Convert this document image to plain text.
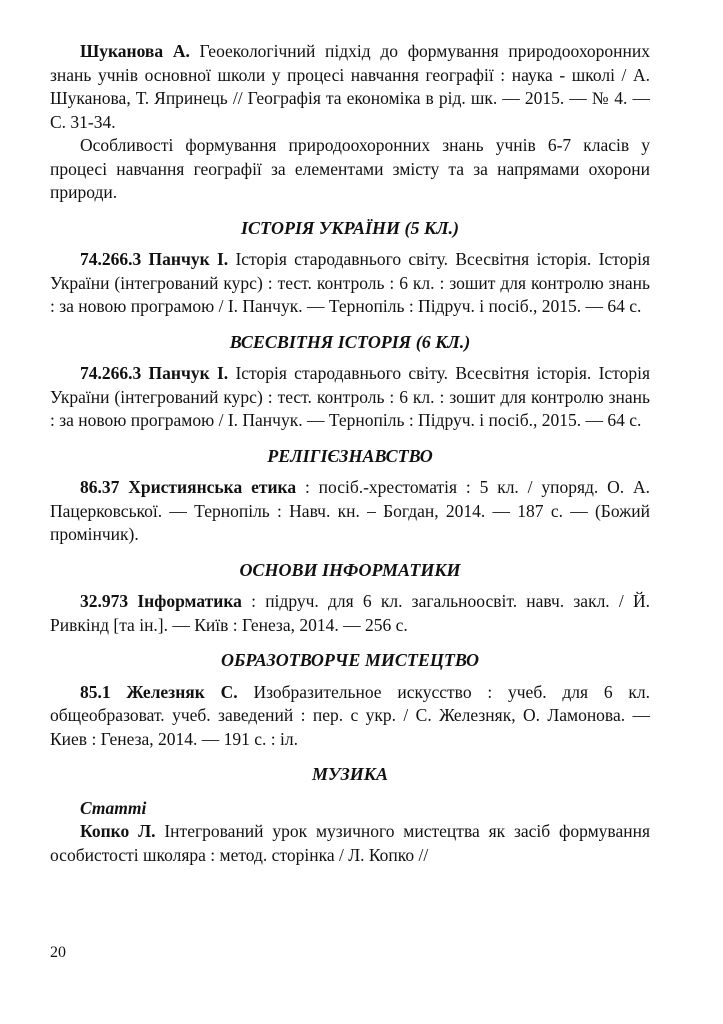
Шуканова А. Геоекологічний підхід до формування природоохоронних знань учнів основної школи у процесі навчання географії : наука - школі / А. Шуканова, Т. Япринець // Географія та економіка в рід. шк. — 2015. — № 4. — С. 31-34.

Особливості формування природоохоронних знань учнів 6-7 класів у процесі навчання географії за елементами змісту та за напрямами охорони природи.

ІСТОРІЯ УКРАЇНИ (5 КЛ.)

74.266.3 Панчук І. Історія стародавнього світу. Всесвітня історія. Історія України (інтегрований курс) : тест. контроль : 6 кл. : зошит для контролю знань : за новою програмою / І. Панчук. — Тернопіль : Підруч. і посіб., 2015. — 64 с.

ВСЕСВІТНЯ ІСТОРІЯ (6 КЛ.)

74.266.3 Панчук І. Історія стародавнього світу. Всесвітня історія. Історія України (інтегрований курс) : тест. контроль : 6 кл. : зошит для контролю знань : за новою програмою / І. Панчук. — Тернопіль : Підруч. і посіб., 2015. — 64 с.

РЕЛІГІЄЗНАВСТВО

86.37 Християнська етика : посіб.-хрестоматія : 5 кл. / упоряд. О. А. Пацерковської. — Тернопіль : Навч. кн. – Богдан, 2014. — 187 с. — (Божий промінчик).

ОСНОВИ ІНФОРМАТИКИ

32.973 Інформатика : підруч. для 6 кл. загальноосвіт. навч. закл. / Й. Ривкінд [та ін.]. — Київ : Генеза, 2014. — 256 с.

ОБРАЗОТВОРЧЕ МИСТЕЦТВО

85.1 Железняк С. Изобразительное искусство : учеб. для 6 кл. общеобразоват. учеб. заведений : пер. с укр. / С. Железняк, О. Ламонова. — Киев : Генеза, 2014. — 191 с. : іл.

МУЗИКА

Статті

Копко Л. Інтегрований урок музичного мистецтва як засіб формування особистості школяра : метод. сторінка / Л. Копко //

20
